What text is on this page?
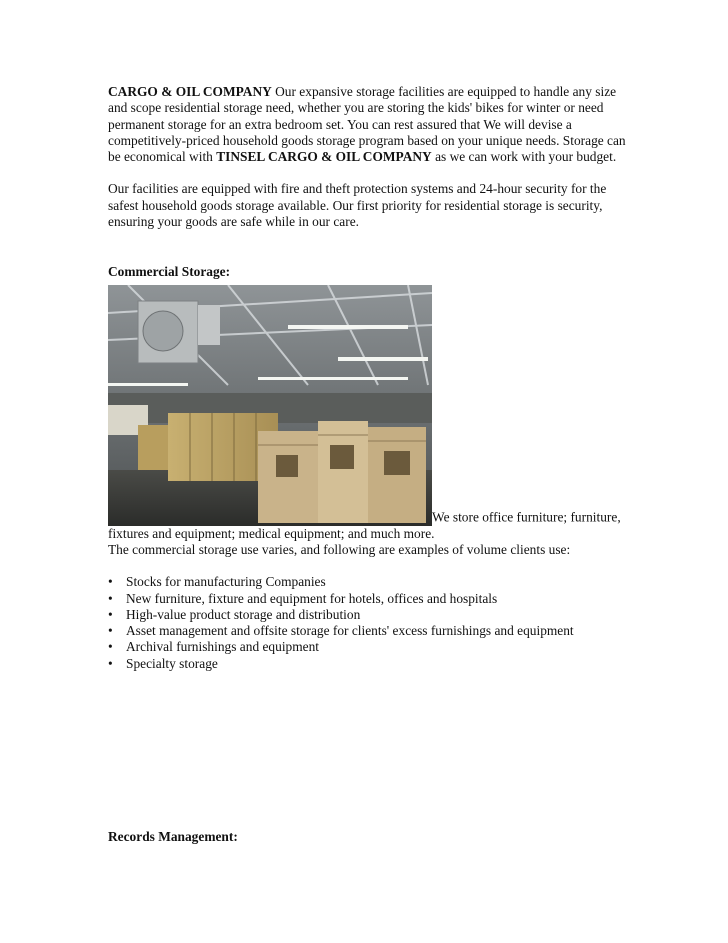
CARGO & OIL COMPANY Our expansive storage facilities are equipped to handle any size and scope residential storage need, whether you are storing the kids' bikes for winter or need permanent storage for an extra bedroom set. You can rest assured that We will devise a competitively-priced household goods storage program based on your unique needs. Storage can be economical with TINSEL CARGO & OIL COMPANY as we can work with your budget.

Our facilities are equipped with fire and theft protection systems and 24-hour security for the safest household goods storage available. Our first priority for residential storage is security, ensuring your goods are safe while in our care.

Commercial Storage:

We store office furniture; furniture, fixtures and equipment; medical equipment; and much more.

The commercial storage use varies, and following are examples of volume clients use:

• Stocks for manufacturing Companies
• New furniture, fixture and equipment for hotels, offices and hospitals
• High-value product storage and distribution
• Asset management and offsite storage for clients' excess furnishings and equipment
• Archival furnishings and equipment
• Specialty storage
Records Management:
